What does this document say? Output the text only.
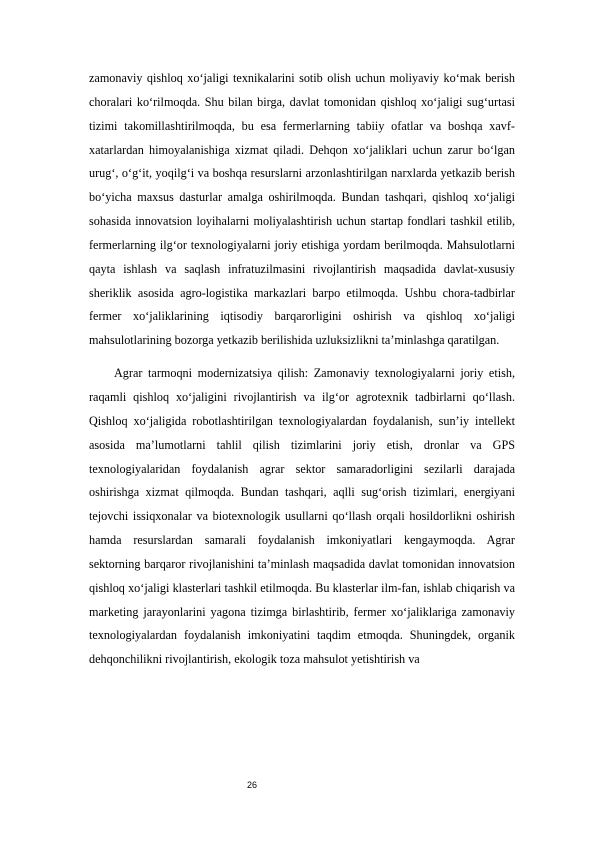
zamonaviy qishloq xo‘jaligi texnikalarini sotib olish uchun moliyaviy ko‘mak berish choralari ko‘rilmoqda. Shu bilan birga, davlat tomonidan qishloq xo‘jaligi sug‘urtasi tizimi takomillashtirilmoqda, bu esa fermerlarning tabiiy ofatlar va boshqa xavf-xatarlardan himoyalanishiga xizmat qiladi. Dehqon xo‘jaliklari uchun zarur bo‘lgan urug‘, o‘g‘it, yoqilg‘i va boshqa resurslarni arzonlashtirilgan narxlarda yetkazib berish bo‘yicha maxsus dasturlar amalga oshirilmoqda. Bundan tashqari, qishloq xo‘jaligi sohasida innovatsion loyihalarni moliyalashtirish uchun startap fondlari tashkil etilib, fermerlarning ilg‘or texnologiyalarni joriy etishiga yordam berilmoqda. Mahsulotlarni qayta ishlash va saqlash infratuzilmasini rivojlantirish maqsadida davlat-xususiy sheriklik asosida agro-logistika markazlari barpo etilmoqda. Ushbu chora-tadbirlar fermer xo‘jaliklarining iqtisodiy barqarorligini oshirish va qishloq xo‘jaligi mahsulotlarining bozorga yetkazib berilishida uzluksizlikni ta’minlashga qaratilgan.

Agrar tarmoqni modernizatsiya qilish: Zamonaviy texnologiyalarni joriy etish, raqamli qishloq xo‘jaligini rivojlantirish va ilg‘or agrotexnik tadbirlarni qo‘llash. Qishloq xo‘jaligida robotlashtirilgan texnologiyalardan foydalanish, sun’iy intellekt asosida ma’lumotlarni tahlil qilish tizimlarini joriy etish, dronlar va GPS texnologiyalaridan foydalanish agrar sektor samaradorligini sezilarli darajada oshirishga xizmat qilmoqda. Bundan tashqari, aqlli sug‘orish tizimlari, energiyani tejovchi issiqxonalar va biotexnologik usullarni qo‘llash orqali hosildorlikni oshirish hamda resurslardan samarali foydalanish imkoniyatlari kengaymoqda. Agrar sektorning barqaror rivojlanishini ta’minlash maqsadida davlat tomonidan innovatsion qishloq xo‘jaligi klasterlari tashkil etilmoqda. Bu klasterlar ilm-fan, ishlab chiqarish va marketing jarayonlarini yagona tizimga birlashtirib, fermer xo‘jaliklariga zamonaviy texnologiyalardan foydalanish imkoniyatini taqdim etmoqda. Shuningdek, organik dehqonchilikni rivojlantirish, ekologik toza mahsulot yetishtirish va

26
